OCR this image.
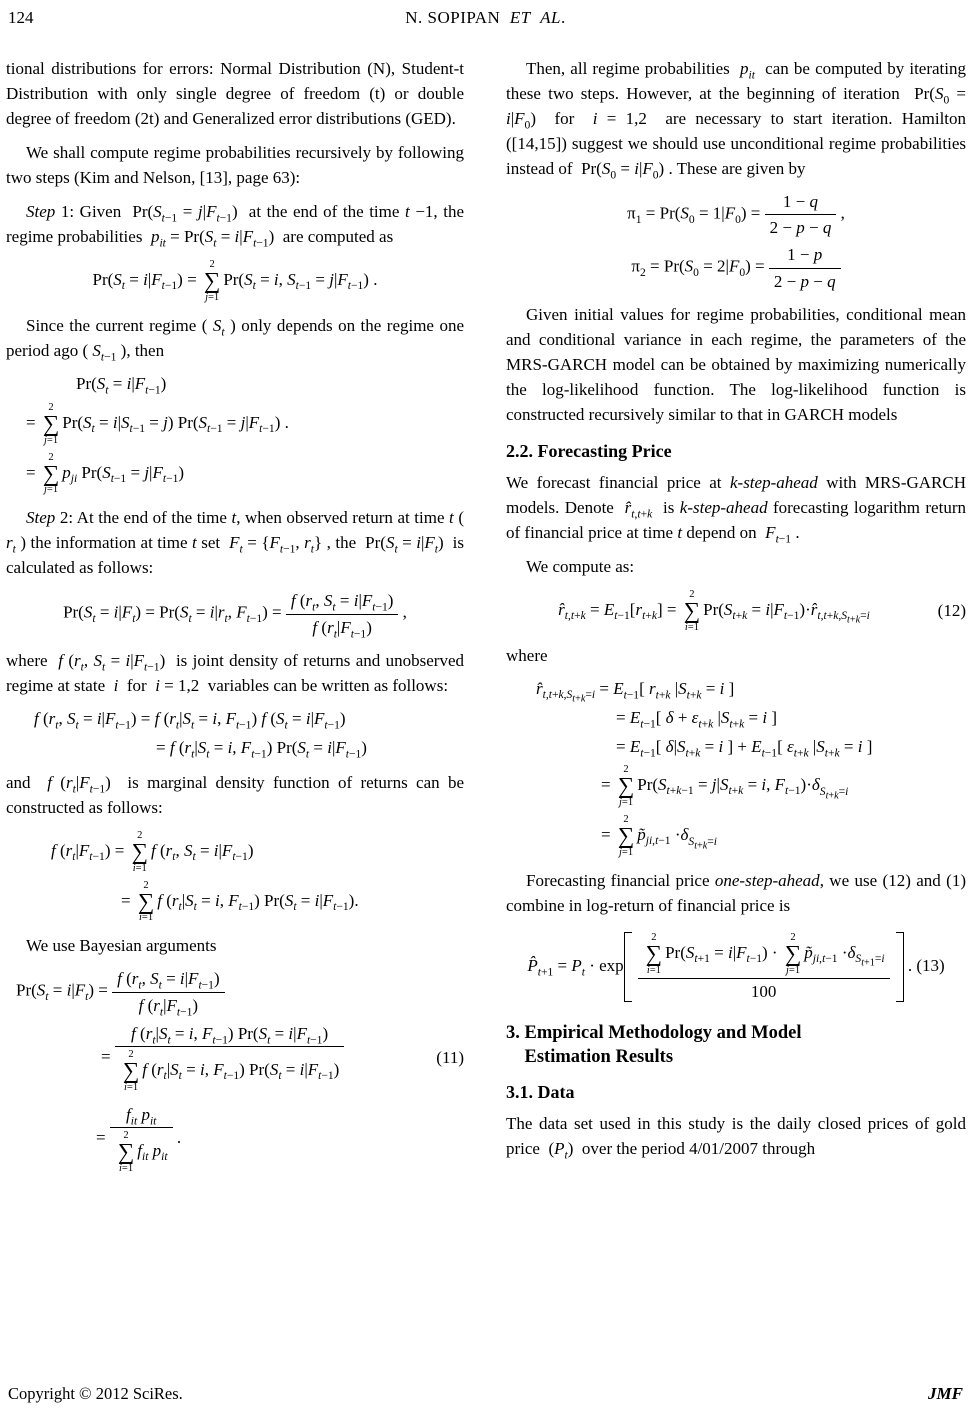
124	N. SOPIPAN  ET AL.

tional distributions for errors: Normal Distribution (N), Student-t Distribution with only single degree of freedom (t) or double degree of freedom (2t) and Generalized error distributions (GED).

We shall compute regime probabilities recursively by following two steps (Kim and Nelson, [13], page 63):

Step 1: Given  $Pr(S_{t-1} = j|F_{t-1})$  at the end of the time t −1, the regime probabilities  $p_{it} = Pr(S_t = i|F_{t-1})$  are computed as

$Pr(S_t = i|F_{t-1})$ =
2
∑
j=1
$Pr(S_t = i$, $S_{t-1} = j|F_{t-1}$) .

Since the current regime ( $S_t$ ) only depends on the regime one period ago ( $S_{t-1}$ ), then

$Pr(S_t = i|F_{t-1})$
=
2
∑
j=1
$Pr(S_t = i|S_{t-1} = j) Pr(S_{t-1} = j|F_{t-1})$ .
=
2
∑
j=1
$p_{ji}$ $Pr(S_{t-1} = j|F_{t-1})$

Step 2: At the end of the time t, when observed return at time t ( $r_t$ ) the information at time t set  $F_t = \{F_{t-1}$, $r_t$} , the  $Pr(S_t = i|F_t)$  is calculated as follows:

$Pr(S_t = i|F_t) = Pr(S_t = i|r_t$, $F_{t-1}) = \frac{f (r_t, S_t = i|F_{t-1})}{f (r_t|F_{t-1})}$ ,

where  f ($r_t$, $S_t = i|F_{t-1}$)  is joint density of returns and unobserved regime at state  i  for  i = 1,2  variables can be written as follows:

f ($r_t$, $S_t = i|F_{t-1}) = f$ ($r_t|S_t = i$, $F_{t-1}$) f $(S_t = i|F_{t-1})$
= f ($r_t|S_t = i$, $F_{t-1}$) $Pr(S_t = i|F_{t-1})$

and  f $(r_t|F_{t-1})$  is marginal density function of returns can be constructed as follows:

f $(r_t|F_{t-1})$ =
2
∑
i=1
f ($r_t$, $S_t = i|F_{t-1}$)
=
2
∑
i=1
f ($r_t|S_t = i$, $F_{t-1}$) $Pr(S_t = i|F_{t-1})$.

We use Bayesian arguments

$Pr(S_t = i|F_t) = \frac{f (r_t, S_t = i|F_{t-1})}{f (r_t|F_{t-1})}$
= f ($r_t|S_t = i$, $F_{t-1}$) $Pr(S_t = i|F_{t-1})$
2
∑
i=1
f ($r_t|S_t = i$, $F_{t-1}$) $Pr(S_t = i|F_{t-1})$	(11)
= $f_{it}$ $p_{it}$
2
∑
i=1
$f_{it}$ $p_{it}$ .

Then, all regime probabilities  $p_{it}$  can be computed by iterating these two steps. However, at the beginning of iteration  $Pr(S_0 = i|F_0)$  for  i = 1,2  are necessary to start iteration. Hamilton ([14,15]) suggest we should use unconditional regime probabilities instead of  $Pr(S_0 = i|F_0)$ . These are given by

$\pi_1 = Pr(S_0 = 1|F_0) = \frac{1 - q}{2 - p - q}$ ,
$\pi_2 = Pr(S_0 = 2|F_0) = \frac{1 - p}{2 - p - q}$

Given initial values for regime probabilities, conditional mean and conditional variance in each regime, the parameters of the MRS-GARCH model can be obtained by maximizing numerically the log-likelihood function. The log-likelihood function is constructed recursively similar to that in GARCH models

2.2. Forecasting Price

We forecast financial price at k-step-ahead with MRS-GARCH models. Denote  $r̂_{t,t+k}$  is k-step-ahead forecasting logarithm return of financial price at time t depend on  $F_{t-1}$ .

We compute as:

$r̂_{t,t+k} = E_{t-1}[r_{t+k}]$ =
2
∑
i=1
$Pr(S_{t+k}$ = $i|F_{t-1})\cdot r̂_{t,t+k,S_{t+k}=i}$	(12)

where

$r̂_{t,t+k,S_{t+k}=i} = E_{t-1}$[ $r_{t+k}$ $|S_{t+k} = i$ ]
= $E_{t-1}$[ $\delta + \varepsilon_{t+k}$ $|S_{t+k} = i$ ]
= $E_{t-1}$[ $\delta|S_{t+k} = i$ ] + $E_{t-1}$[ $\varepsilon_{t+k}$ $|S_{t+k} = i$ ]
=
2
∑
j=1
$Pr(S_{t+k-1} = j|S_{t+k} = i$, $F_{t-1})\cdot\delta_{S_{t+k}=i}$
=
2
∑
j=1
$p̃_{ji,t-1} \cdot\delta_{S_{t+k}=i}$

Forecasting financial price one-step-ahead, we use (12) and (1) combine in log-return of financial price is

$P̂_{t+1} = P_t \cdot \exp 2$
∑
i=1
$Pr(S_{t+1} = i|F_{t-1})$ ·
2
∑
j=1
$p̃_{ji,t-1} \cdot\delta_{S_{t+1}=i}$
100 . (13)
3. Empirical Methodology and Model
Estimation Results
3.1. Data

The data set used in this study is the daily closed prices of gold price  $(P_t)$  over the period 4/01/2007 through

Copyright © 2012 SciRes.	JMF
